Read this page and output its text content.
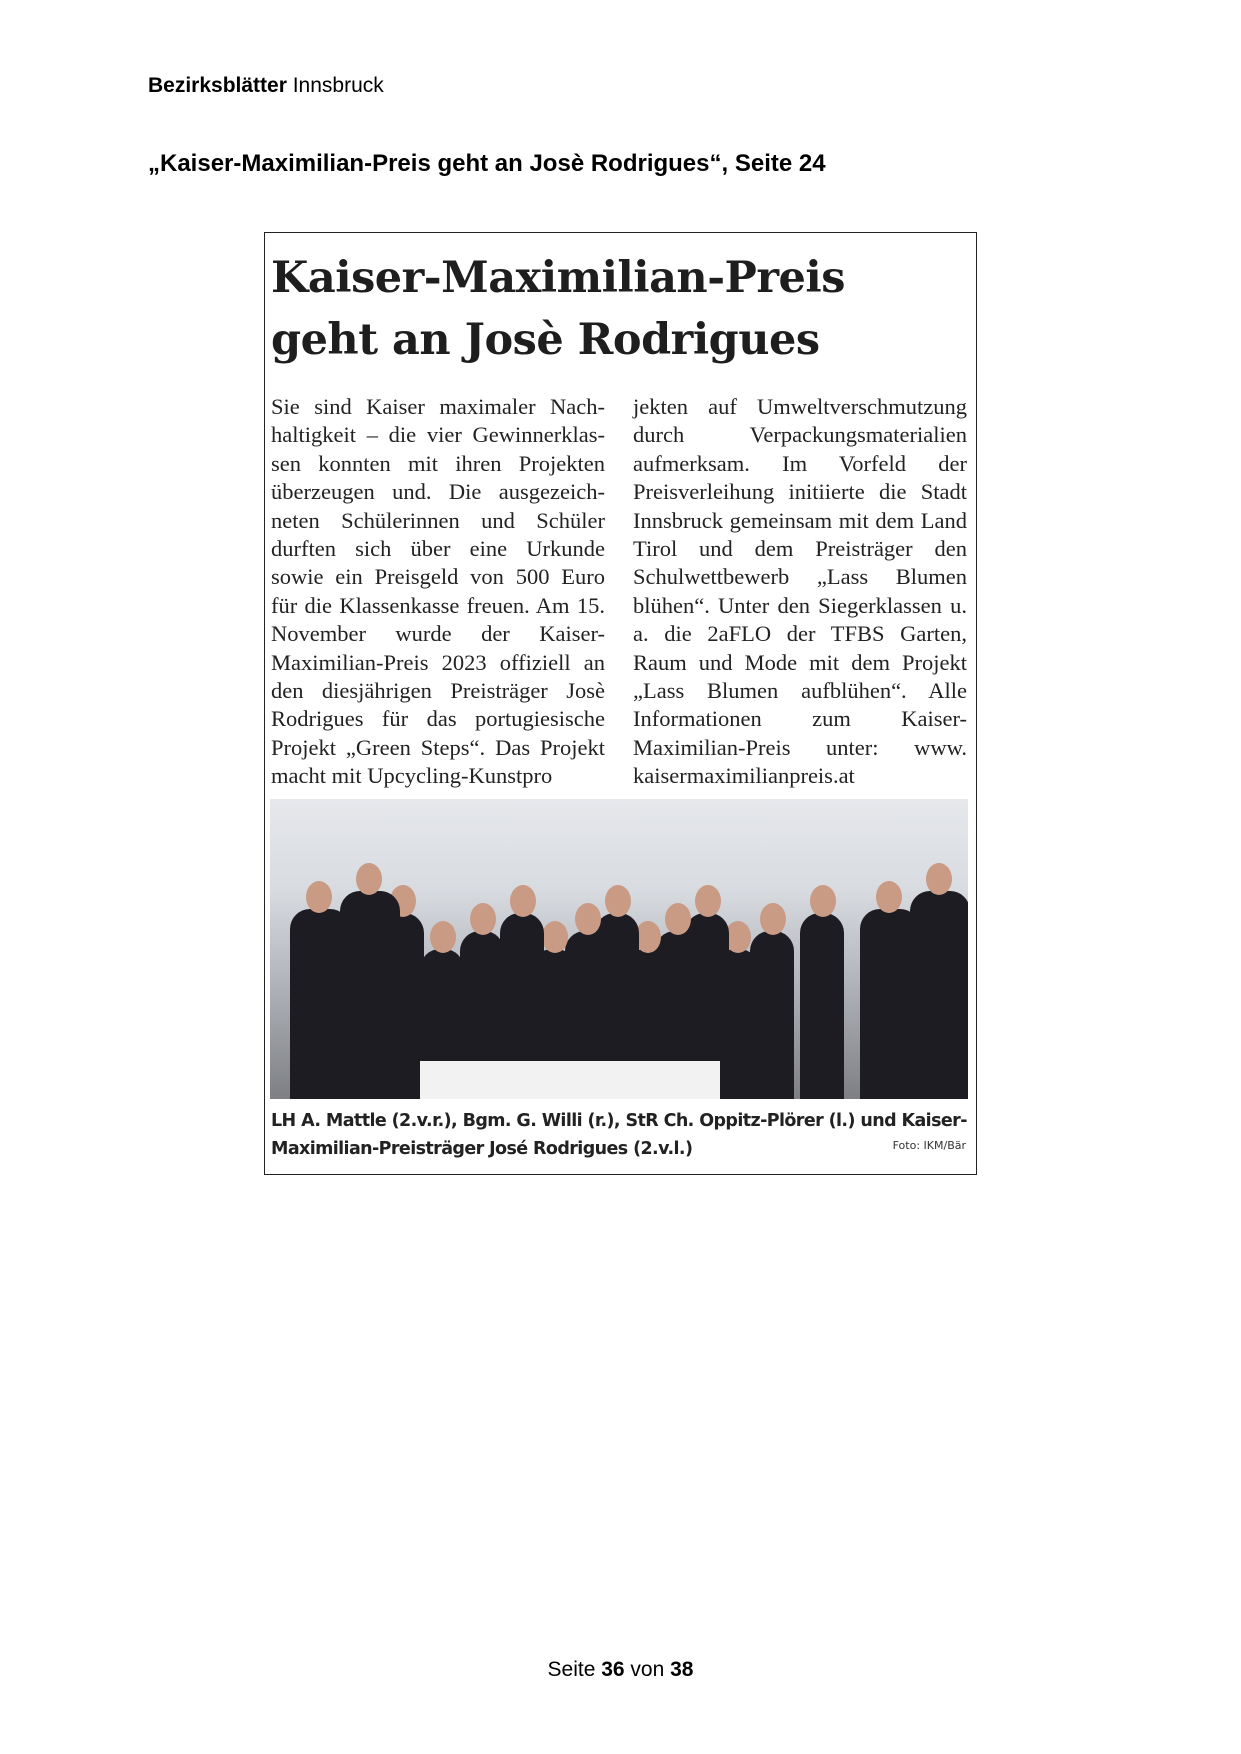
Bezirksblätter Innsbruck
„Kaiser-Maximilian-Preis geht an Josè Rodrigues“, Seite 24
Kaiser-Maximilian-Preis
geht an Josè Rodrigues
Sie sind Kaiser maximaler Nachhaltigkeit – die vier Gewinnerklassen konnten mit ihren Projekten überzeugen und. Die ausgezeichneten Schülerinnen und Schüler durften sich über eine Urkunde sowie ein Preisgeld von 500 Euro für die Klassenkasse freuen. Am 15. November wurde der Kaiser-Maximilian-Preis 2023 offiziell an den diesjährigen Preisträger Josè Rodrigues für das portugiesische Projekt „Green Steps“. Das Projekt macht mit Upcycling-Kunstpro
jekten auf Umweltverschmutzung durch Verpackungsmaterialien aufmerksam. Im Vorfeld der Preisverleihung initiierte die Stadt Innsbruck gemeinsam mit dem Land Tirol und dem Preisträger den Schulwettbewerb „Lass Blumen blühen“. Unter den Siegerklassen u. a. die 2aFLO der TFBS Garten, Raum und Mode mit dem Projekt „Lass Blumen aufblühen“. Alle Informationen zum Kaiser-Maximilian-Preis unter: www. kaisermaximilianpreis.at
LH A. Mattle (2.v.r.), Bgm. G. Willi (r.), StR Ch. Oppitz-Plörer (l.) und Kaiser-Maximilian-Preisträger José Rodrigues (2.v.l.)	Foto: IKM/Bär
Seite 36 von 38
